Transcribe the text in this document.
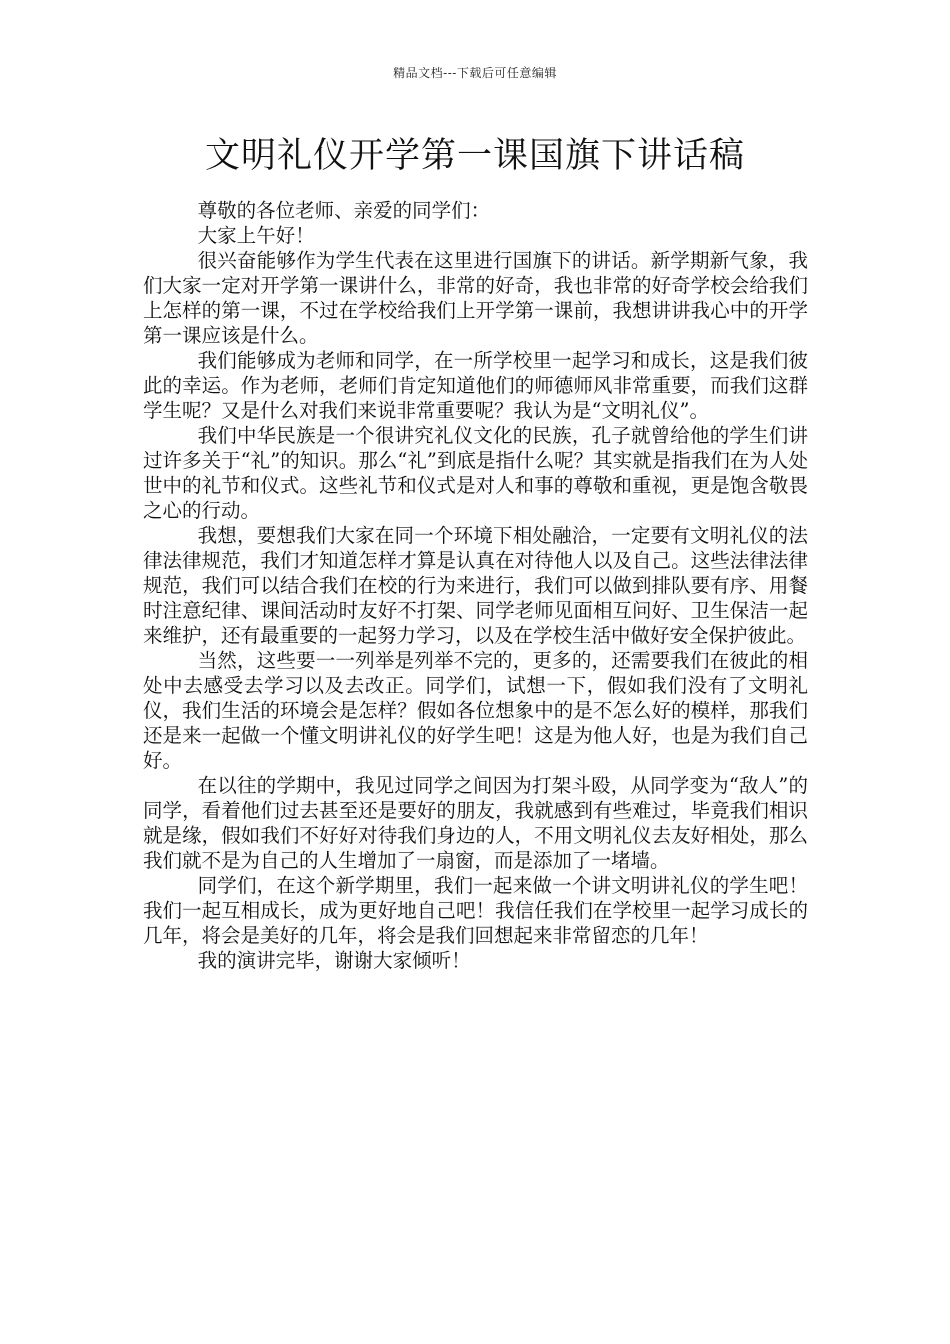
精品文档---下载后可任意编辑
文明礼仪开学第一课国旗下讲话稿

尊敬的各位老师、亲爱的同学们：

大家上午好！

很兴奋能够作为学生代表在这里进行国旗下的讲话。新学期新气象，我们大家一定对开学第一课讲什么，非常的好奇，我也非常的好奇学校会给我们上怎样的第一课，不过在学校给我们上开学第一课前，我想讲讲我心中的开学第一课应该是什么。

我们能够成为老师和同学，在一所学校里一起学习和成长，这是我们彼此的幸运。作为老师，老师们肯定知道他们的师德师风非常重要，而我们这群学生呢？又是什么对我们来说非常重要呢？我认为是“文明礼仪”。

我们中华民族是一个很讲究礼仪文化的民族，孔子就曾给他的学生们讲过许多关于“礼”的知识。那么“礼”到底是指什么呢？其实就是指我们在为人处世中的礼节和仪式。这些礼节和仪式是对人和事的尊敬和重视，更是饱含敬畏之心的行动。

我想，要想我们大家在同一个环境下相处融洽，一定要有文明礼仪的法律法律规范，我们才知道怎样才算是认真在对待他人以及自己。这些法律法律规范，我们可以结合我们在校的行为来进行，我们可以做到排队要有序、用餐时注意纪律、课间活动时友好不打架、同学老师见面相互问好、卫生保洁一起来维护，还有最重要的一起努力学习，以及在学校生活中做好安全保护彼此。

当然，这些要一一列举是列举不完的，更多的，还需要我们在彼此的相处中去感受去学习以及去改正。同学们，试想一下，假如我们没有了文明礼仪，我们生活的环境会是怎样？假如各位想象中的是不怎么好的模样，那我们还是来一起做一个懂文明讲礼仪的好学生吧！这是为他人好，也是为我们自己好。

在以往的学期中，我见过同学之间因为打架斗殴，从同学变为“敌人”的同学，看着他们过去甚至还是要好的朋友，我就感到有些难过，毕竟我们相识就是缘，假如我们不好好对待我们身边的人，不用文明礼仪去友好相处，那么我们就不是为自己的人生增加了一扇窗，而是添加了一堵墙。

同学们，在这个新学期里，我们一起来做一个讲文明讲礼仪的学生吧！我们一起互相成长，成为更好地自己吧！我信任我们在学校里一起学习成长的几年，将会是美好的几年，将会是我们回想起来非常留恋的几年！

我的演讲完毕，谢谢大家倾听！
